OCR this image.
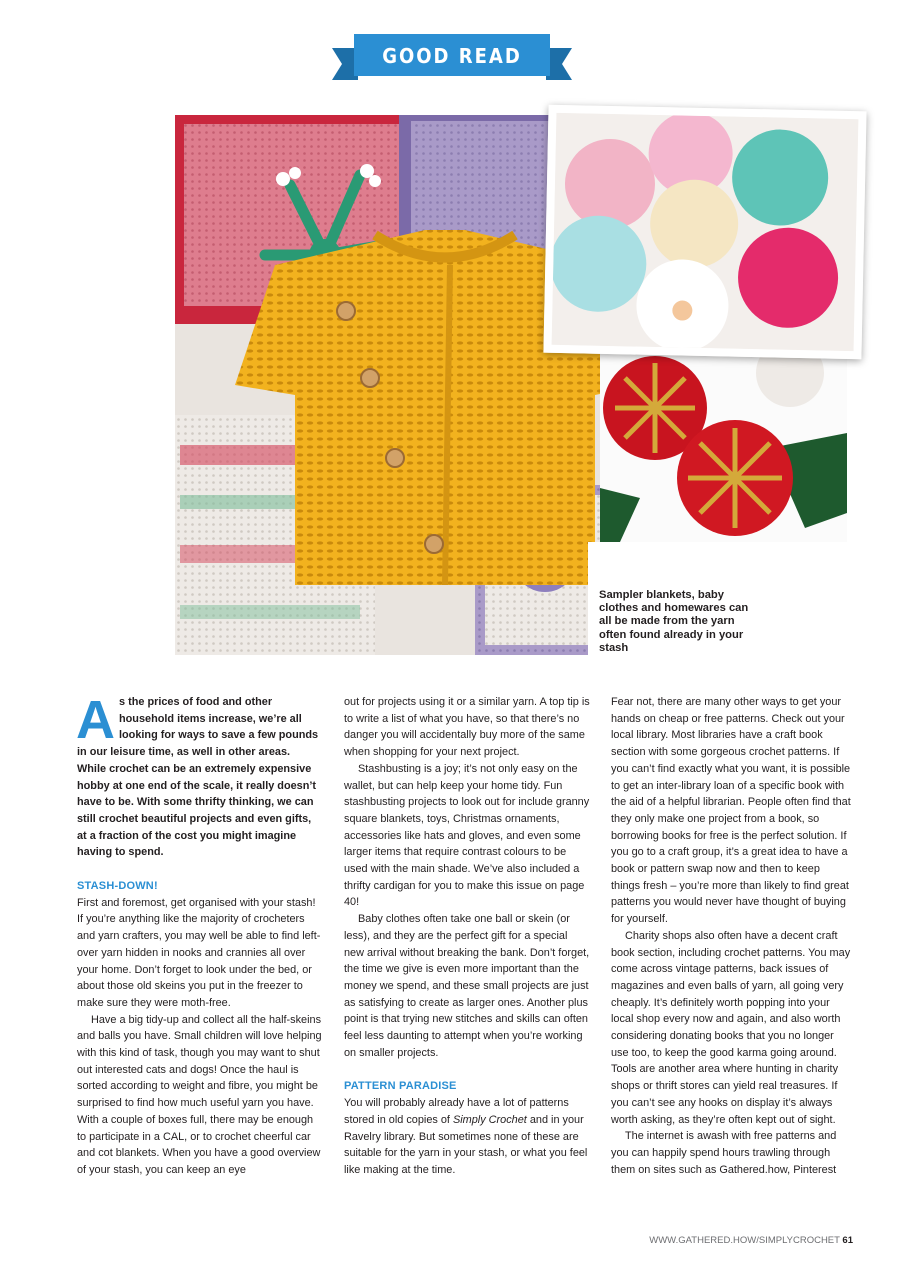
GOOD READ
Sampler blankets, baby clothes and homewares can all be made from the yarn often found already in your stash

As the prices of food and other household items increase, we’re all looking for ways to save a few pounds in our leisure time, as well in other areas. While crochet can be an extremely expensive hobby at one end of the scale, it really doesn’t have to be. With some thrifty thinking, we can still crochet beautiful projects and even gifts, at a fraction of the cost you might imagine having to spend.

STASH-DOWN!

First and foremost, get organised with your stash! If you’re anything like the majority of crocheters and yarn crafters, you may well be able to find left-over yarn hidden in nooks and crannies all over your home. Don’t forget to look under the bed, or about those old skeins you put in the freezer to make sure they were moth-free.

Have a big tidy-up and collect all the half-skeins and balls you have. Small children will love helping with this kind of task, though you may want to shut out interested cats and dogs! Once the haul is sorted according to weight and fibre, you might be surprised to find how much useful yarn you have. With a couple of boxes full, there may be enough to participate in a CAL, or to crochet cheerful car and cot blankets. When you have a good overview of your stash, you can keep an eye

out for projects using it or a similar yarn. A top tip is to write a list of what you have, so that there’s no danger you will accidentally buy more of the same when shopping for your next project.

Stashbusting is a joy; it’s not only easy on the wallet, but can help keep your home tidy. Fun stashbusting projects to look out for include granny square blankets, toys, Christmas ornaments, accessories like hats and gloves, and even some larger items that require contrast colours to be used with the main shade. We’ve also included a thrifty cardigan for you to make this issue on page 40!

Baby clothes often take one ball or skein (or less), and they are the perfect gift for a special new arrival without breaking the bank. Don’t forget, the time we give is even more important than the money we spend, and these small projects are just as satisfying to create as larger ones. Another plus point is that trying new stitches and skills can often feel less daunting to attempt when you’re working on smaller projects.

PATTERN PARADISE

You will probably already have a lot of patterns stored in old copies of Simply Crochet and in your Ravelry library. But sometimes none of these are suitable for the yarn in your stash, or what you feel like making at the time.

Fear not, there are many other ways to get your hands on cheap or free patterns. Check out your local library. Most libraries have a craft book section with some gorgeous crochet patterns. If you can’t find exactly what you want, it is possible to get an inter-library loan of a specific book with the aid of a helpful librarian. People often find that they only make one project from a book, so borrowing books for free is the perfect solution. If you go to a craft group, it’s a great idea to have a book or pattern swap now and then to keep things fresh – you’re more than likely to find great patterns you would never have thought of buying for yourself.

Charity shops also often have a decent craft book section, including crochet patterns. You may come across vintage patterns, back issues of magazines and even balls of yarn, all going very cheaply. It’s definitely worth popping into your local shop every now and again, and also worth considering donating books that you no longer use too, to keep the good karma going around. Tools are another area where hunting in charity shops or thrift stores can yield real treasures. If you can’t see any hooks on display it’s always worth asking, as they’re often kept out of sight.

The internet is awash with free patterns and you can happily spend hours trawling through them on sites such as Gathered.how, Pinterest

WWW.GATHERED.HOW/SIMPLYCROCHET 61
